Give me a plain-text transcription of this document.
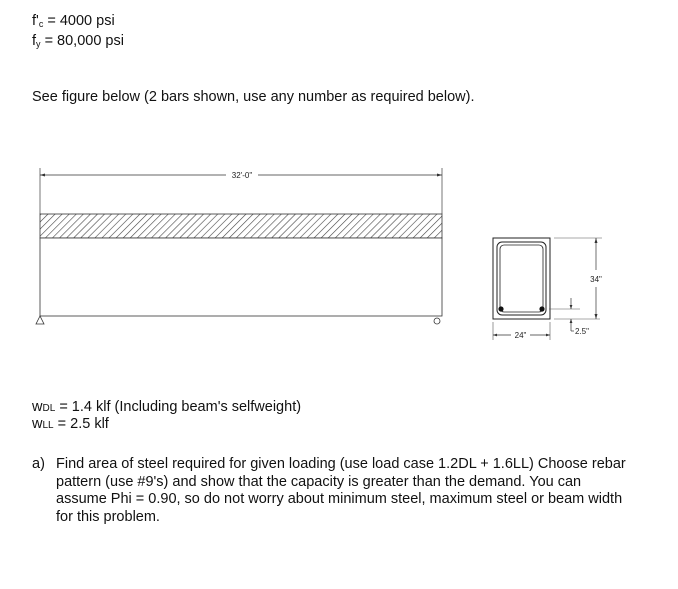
$f'_c = 4000$ psi
$f_y = 80,000$ psi
See figure below (2 bars shown, use any number as required below).
32'-0"
34"
2.5"
24"
wDL = 1.4 klf (Including beam's selfweight)
wLL = 2.5 klf
a) Find area of steel required for given loading (use load case 1.2DL + 1.6LL) Choose rebar pattern (use #9's) and show that the capacity is greater than the demand. You can assume Phi = 0.90, so do not worry about minimum steel, maximum steel or beam width for this problem.
